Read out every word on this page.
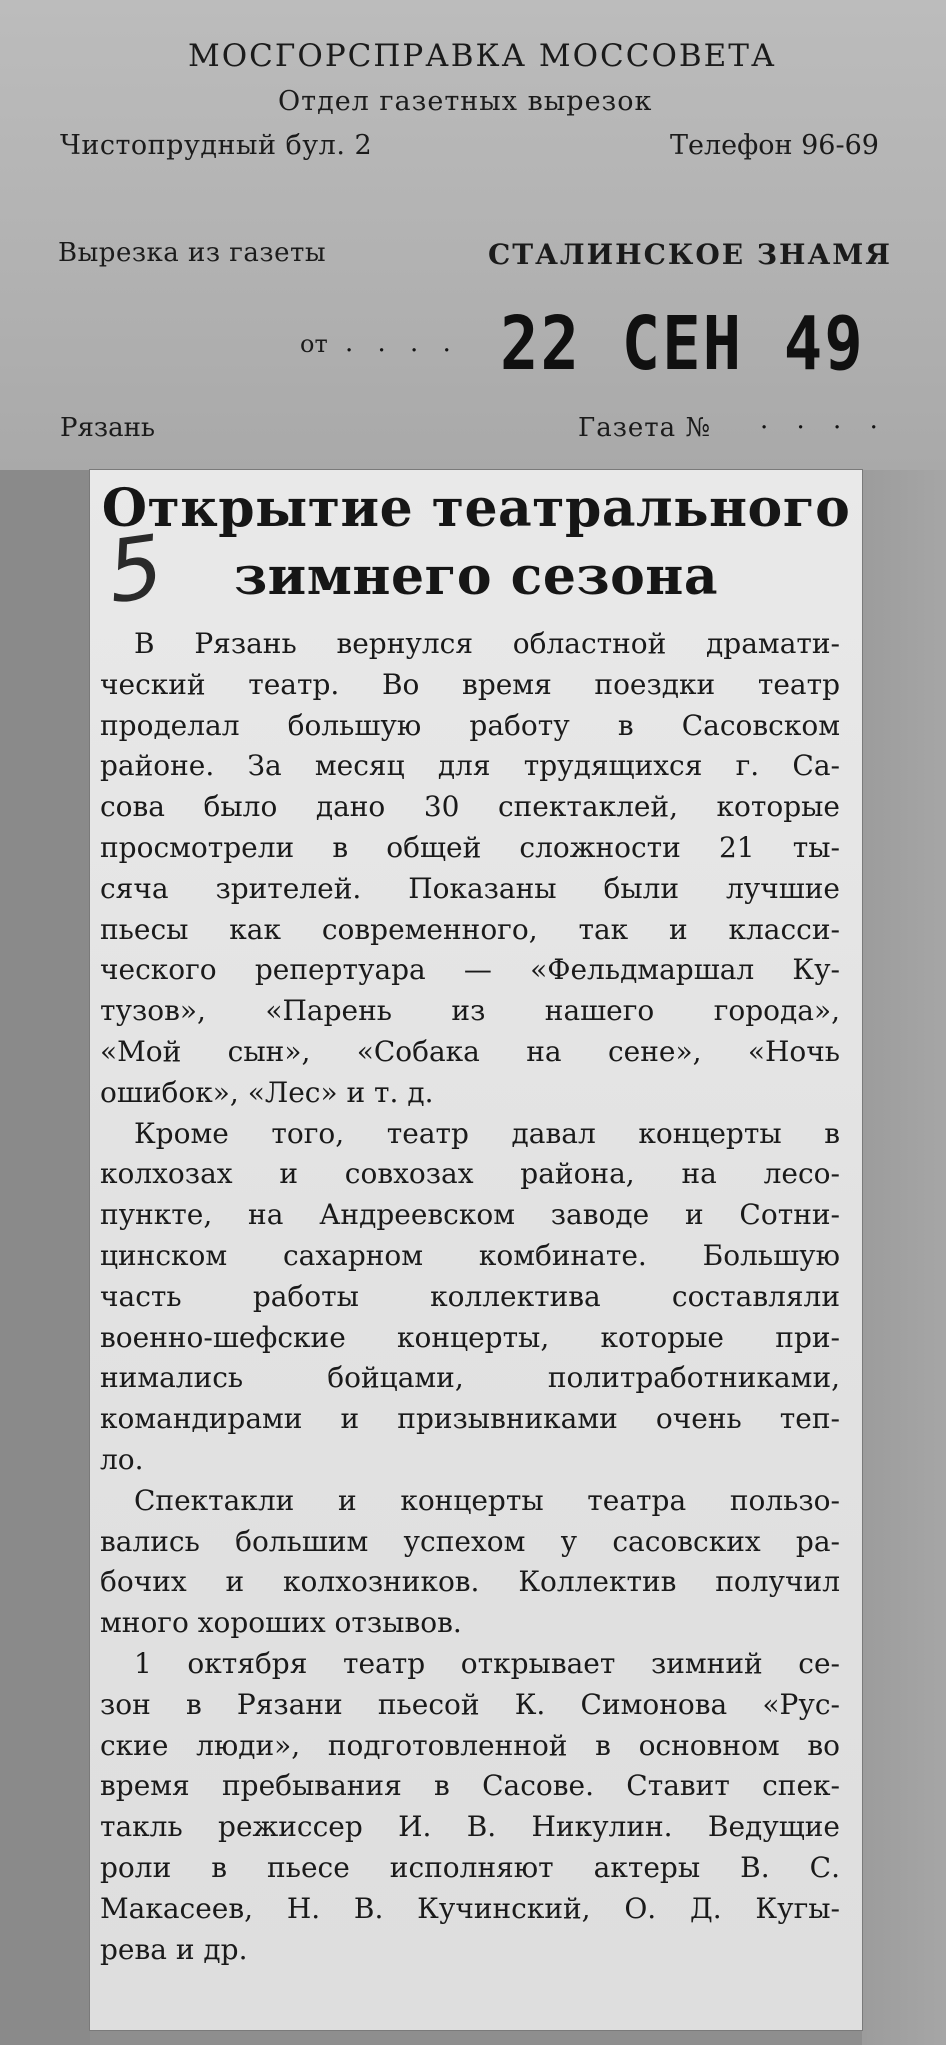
МОСГОРСПРАВКА МОССОВЕТА
Отдел газетных вырезок
Чистопрудный бул. 2	Телефон 96-69
Вырезка из газеты	СТАЛИНСКОЕ ЗНАМЯ
от · · · · 22 СЕН 49
Рязань	Газета № · · · ·
Открытие театрального
зимнего сезона
5
В Рязань вернулся областной драмати-
ческий театр. Во время поездки театр
проделал большую работу в Сасовском
районе. За месяц для трудящихся г. Са-
сова было дано 30 спектаклей, которые
просмотрели в общей сложности 21 ты-
сяча зрителей. Показаны были лучшие
пьесы как современного, так и класси-
ческого репертуара — «Фельдмаршал Ку-
тузов», «Парень из нашего города»,
«Мой сын», «Собака на сене», «Ночь
ошибок», «Лес» и т. д.
Кроме того, театр давал концерты в
колхозах и совхозах района, на лесо-
пункте, на Андреевском заводе и Сотни-
цинском сахарном комбинате. Большую
часть работы коллектива составляли
военно-шефские концерты, которые при-
нимались бойцами, политработниками,
командирами и призывниками очень теп-
ло.
Спектакли и концерты театра пользо-
вались большим успехом у сасовских ра-
бочих и колхозников. Коллектив получил
много хороших отзывов.
1 октября театр открывает зимний се-
зон в Рязани пьесой К. Симонова «Рус-
ские люди», подготовленной в основном во
время пребывания в Сасове. Ставит спек-
такль режиссер И. В. Никулин. Ведущие
роли в пьесе исполняют актеры В. С.
Макасеев, Н. В. Кучинский, О. Д. Кугы-
рева и др.
